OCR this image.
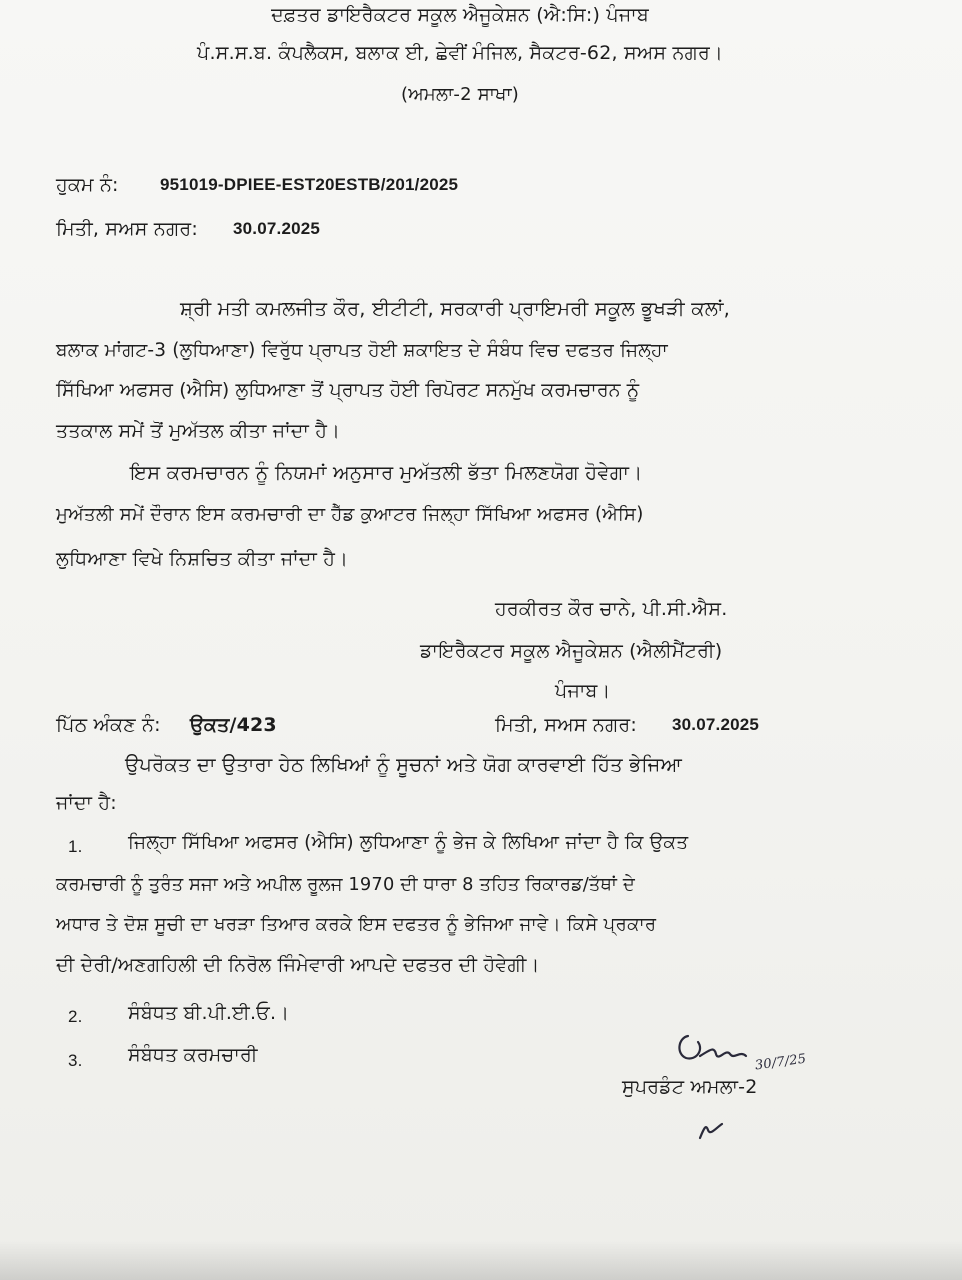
ਦਫ਼ਤਰ ਡਾਇਰੈਕਟਰ ਸਕੂਲ ਐਜੂਕੇਸ਼ਨ (ਐ:ਸਿ:) ਪੰਜਾਬ
ਪੰ.ਸ.ਸ.ਬ. ਕੰਪਲੈਕਸ, ਬਲਾਕ ਈ, ਛੇਵੀਂ ਮੰਜਿਲ, ਸੈਕਟਰ-62, ਸਅਸ ਨਗਰ।
(ਅਮਲਾ-2 ਸਾਖਾ)
ਹੁਕਮ ਨੰ: 951019-DPIEE-EST20ESTB/201/2025
ਮਿਤੀ, ਸਅਸ ਨਗਰ: 30.07.2025
ਸ਼੍ਰੀ ਮਤੀ ਕਮਲਜੀਤ ਕੌਰ, ਈਟੀਟੀ, ਸਰਕਾਰੀ ਪ੍ਰਾਇਮਰੀ ਸਕੂਲ ਭੂਖੜੀ ਕਲਾਂ,
ਬਲਾਕ ਮਾਂਗਟ-3 (ਲੁਧਿਆਣਾ) ਵਿਰੁੱਧ ਪ੍ਰਾਪਤ ਹੋਈ ਸ਼ਕਾਇਤ ਦੇ ਸੰਬੰਧ ਵਿਚ ਦਫਤਰ ਜਿਲ੍ਹਾ
ਸਿੱਖਿਆ ਅਫਸਰ (ਐਸਿ) ਲੁਧਿਆਣਾ ਤੋਂ ਪ੍ਰਾਪਤ ਹੋਈ ਰਿਪੋਰਟ ਸਨਮੁੱਖ ਕਰਮਚਾਰਨ ਨੂੰ
ਤਤਕਾਲ ਸਮੇਂ ਤੋਂ ਮੁਅੱਤਲ ਕੀਤਾ ਜਾਂਦਾ ਹੈ।
ਇਸ ਕਰਮਚਾਰਨ ਨੂੰ ਨਿਯਮਾਂ ਅਨੁਸਾਰ ਮੁਅੱਤਲੀ ਭੱਤਾ ਮਿਲਣਯੋਗ ਹੋਵੇਗਾ।
ਮੁਅੱਤਲੀ ਸਮੇਂ ਦੌਰਾਨ ਇਸ ਕਰਮਚਾਰੀ ਦਾ ਹੈੱਡ ਕੁਆਟਰ ਜਿਲ੍ਹਾ ਸਿੱਖਿਆ ਅਫਸਰ (ਐਸਿ)
ਲੁਧਿਆਣਾ ਵਿਖੇ ਨਿਸ਼ਚਿਤ ਕੀਤਾ ਜਾਂਦਾ ਹੈ।
ਹਰਕੀਰਤ ਕੌਰ ਚਾਨੇ, ਪੀ.ਸੀ.ਐਸ.
ਡਾਇਰੈਕਟਰ ਸਕੂਲ ਐਜੂਕੇਸ਼ਨ (ਐਲੀਮੈਂਟਰੀ)
ਪੰਜਾਬ।
ਪਿੱਠ ਅੰਕਣ ਨੰ: ਉਕਤ/423	ਮਿਤੀ, ਸਅਸ ਨਗਰ: 30.07.2025
ਉਪਰੋਕਤ ਦਾ ਉਤਾਰਾ ਹੇਠ ਲਿਖਿਆਂ ਨੂੰ ਸੂਚਨਾਂ ਅਤੇ ਯੋਗ ਕਾਰਵਾਈ ਹਿੱਤ ਭੇਜਿਆ
ਜਾਂਦਾ ਹੈ:
1.	ਜਿਲ੍ਹਾ ਸਿੱਖਿਆ ਅਫਸਰ (ਐਸਿ) ਲੁਧਿਆਣਾ ਨੂੰ ਭੇਜ ਕੇ ਲਿਖਿਆ ਜਾਂਦਾ ਹੈ ਕਿ ਉਕਤ
ਕਰਮਚਾਰੀ ਨੂੰ ਤੁਰੰਤ ਸਜਾ ਅਤੇ ਅਪੀਲ ਰੂਲਜ 1970 ਦੀ ਧਾਰਾ 8 ਤਹਿਤ ਰਿਕਾਰਡ/ਤੱਥਾਂ ਦੇ
ਅਧਾਰ ਤੇ ਦੋਸ਼ ਸੂਚੀ ਦਾ ਖਰੜਾ ਤਿਆਰ ਕਰਕੇ ਇਸ ਦਫਤਰ ਨੂੰ ਭੇਜਿਆ ਜਾਵੇ। ਕਿਸੇ ਪ੍ਰਕਾਰ
ਦੀ ਦੇਰੀ/ਅਣਗਹਿਲੀ ਦੀ ਨਿਰੋਲ ਜਿੰਮੇਵਾਰੀ ਆਪਦੇ ਦਫਤਰ ਦੀ ਹੋਵੇਗੀ।
2.	ਸੰਬੰਧਤ ਬੀ.ਪੀ.ਈ.ਓ.।
3.	ਸੰਬੰਧਤ ਕਰਮਚਾਰੀ	30/7/25
ਸੁਪਰਡੰਟ ਅਮਲਾ-2
